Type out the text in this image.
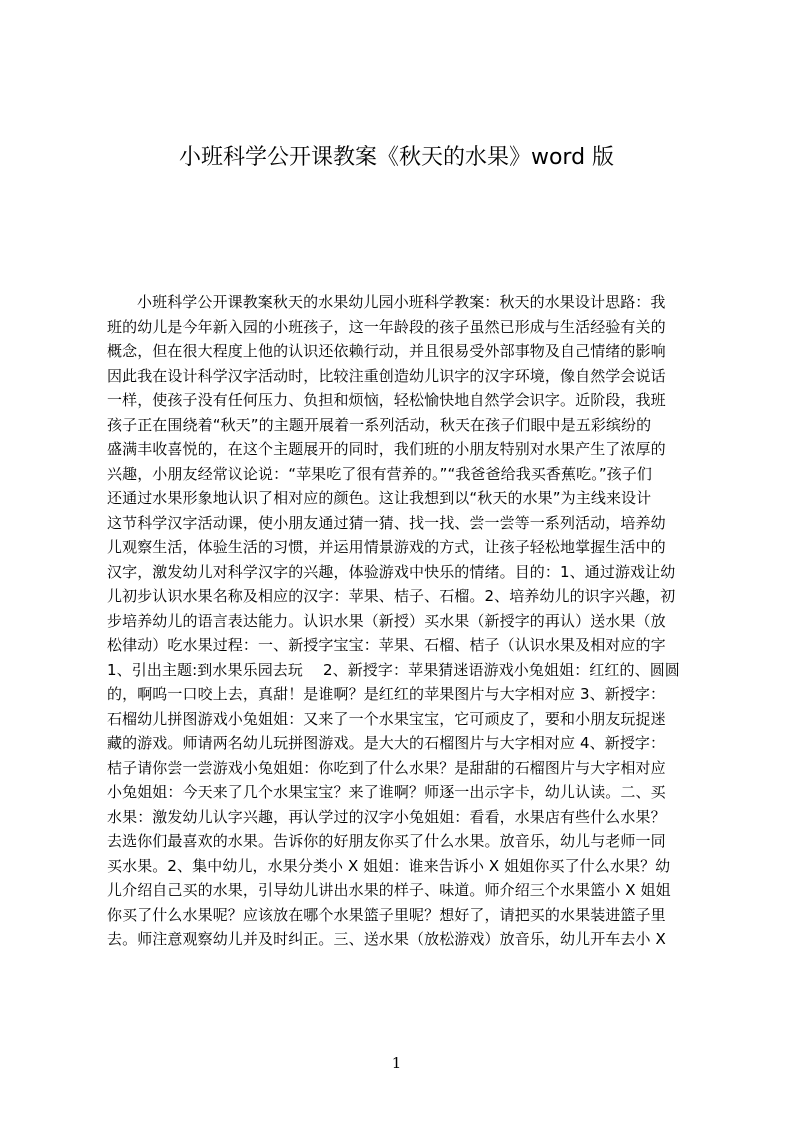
小班科学公开课教案《秋天的水果》word 版
小班科学公开课教案秋天的水果幼儿园小班科学教案：秋天的水果设计思路：我
班的幼儿是今年新入园的小班孩子，这一年龄段的孩子虽然已形成与生活经验有关的
概念，但在很大程度上他的认识还依赖行动，并且很易受外部事物及自己情绪的影响
因此我在设计科学汉字活动时，比较注重创造幼儿识字的汉字环境，像自然学会说话
一样，使孩子没有任何压力、负担和烦恼，轻松愉快地自然学会识字。近阶段，我班
孩子正在围绕着“秋天”的主题开展着一系列活动，秋天在孩子们眼中是五彩缤纷的
盛满丰收喜悦的，在这个主题展开的同时，我们班的小朋友特别对水果产生了浓厚的
兴趣，小朋友经常议论说：“苹果吃了很有营养的。”“我爸爸给我买香蕉吃。”孩子们
还通过水果形象地认识了相对应的颜色。这让我想到以“秋天的水果”为主线来设计
这节科学汉字活动课，使小朋友通过猜一猜、找一找、尝一尝等一系列活动，培养幼
儿观察生活，体验生活的习惯，并运用情景游戏的方式，让孩子轻松地掌握生活中的
汉字，激发幼儿对科学汉字的兴趣，体验游戏中快乐的情绪。目的：1、通过游戏让幼
儿初步认识水果名称及相应的汉字：苹果、桔子、石榴。2、培养幼儿的识字兴趣，初
步培养幼儿的语言表达能力。认识水果（新授）买水果（新授字的再认）送水果（放
松律动）吃水果过程：一、新授字宝宝：苹果、石榴、桔子（认识水果及相对应的字
1、引出主题:到水果乐园去玩　 2、新授字：苹果猜迷语游戏小兔姐姐：红红的、圆圆
的，啊呜一口咬上去，真甜！是谁啊？是红红的苹果图片与大字相对应 3、新授字：
石榴幼儿拼图游戏小兔姐姐：又来了一个水果宝宝，它可顽皮了，要和小朋友玩捉迷
藏的游戏。师请两名幼儿玩拼图游戏。是大大的石榴图片与大字相对应 4、新授字：
桔子请你尝一尝游戏小兔姐姐：你吃到了什么水果？是甜甜的石榴图片与大字相对应
小兔姐姐：今天来了几个水果宝宝？来了谁啊？师逐一出示字卡，幼儿认读。二、买
水果：激发幼儿认字兴趣，再认学过的汉字小兔姐姐：看看，水果店有些什么水果？
去选你们最喜欢的水果。告诉你的好朋友你买了什么水果。放音乐，幼儿与老师一同
买水果。2、集中幼儿，水果分类小 X 姐姐：谁来告诉小 X 姐姐你买了什么水果？幼
儿介绍自己买的水果，引导幼儿讲出水果的样子、味道。师介绍三个水果篮小 X 姐姐
你买了什么水果呢？应该放在哪个水果篮子里呢？想好了，请把买的水果装进篮子里
去。师注意观察幼儿并及时纠正。三、送水果（放松游戏）放音乐，幼儿开车去小 X
1
